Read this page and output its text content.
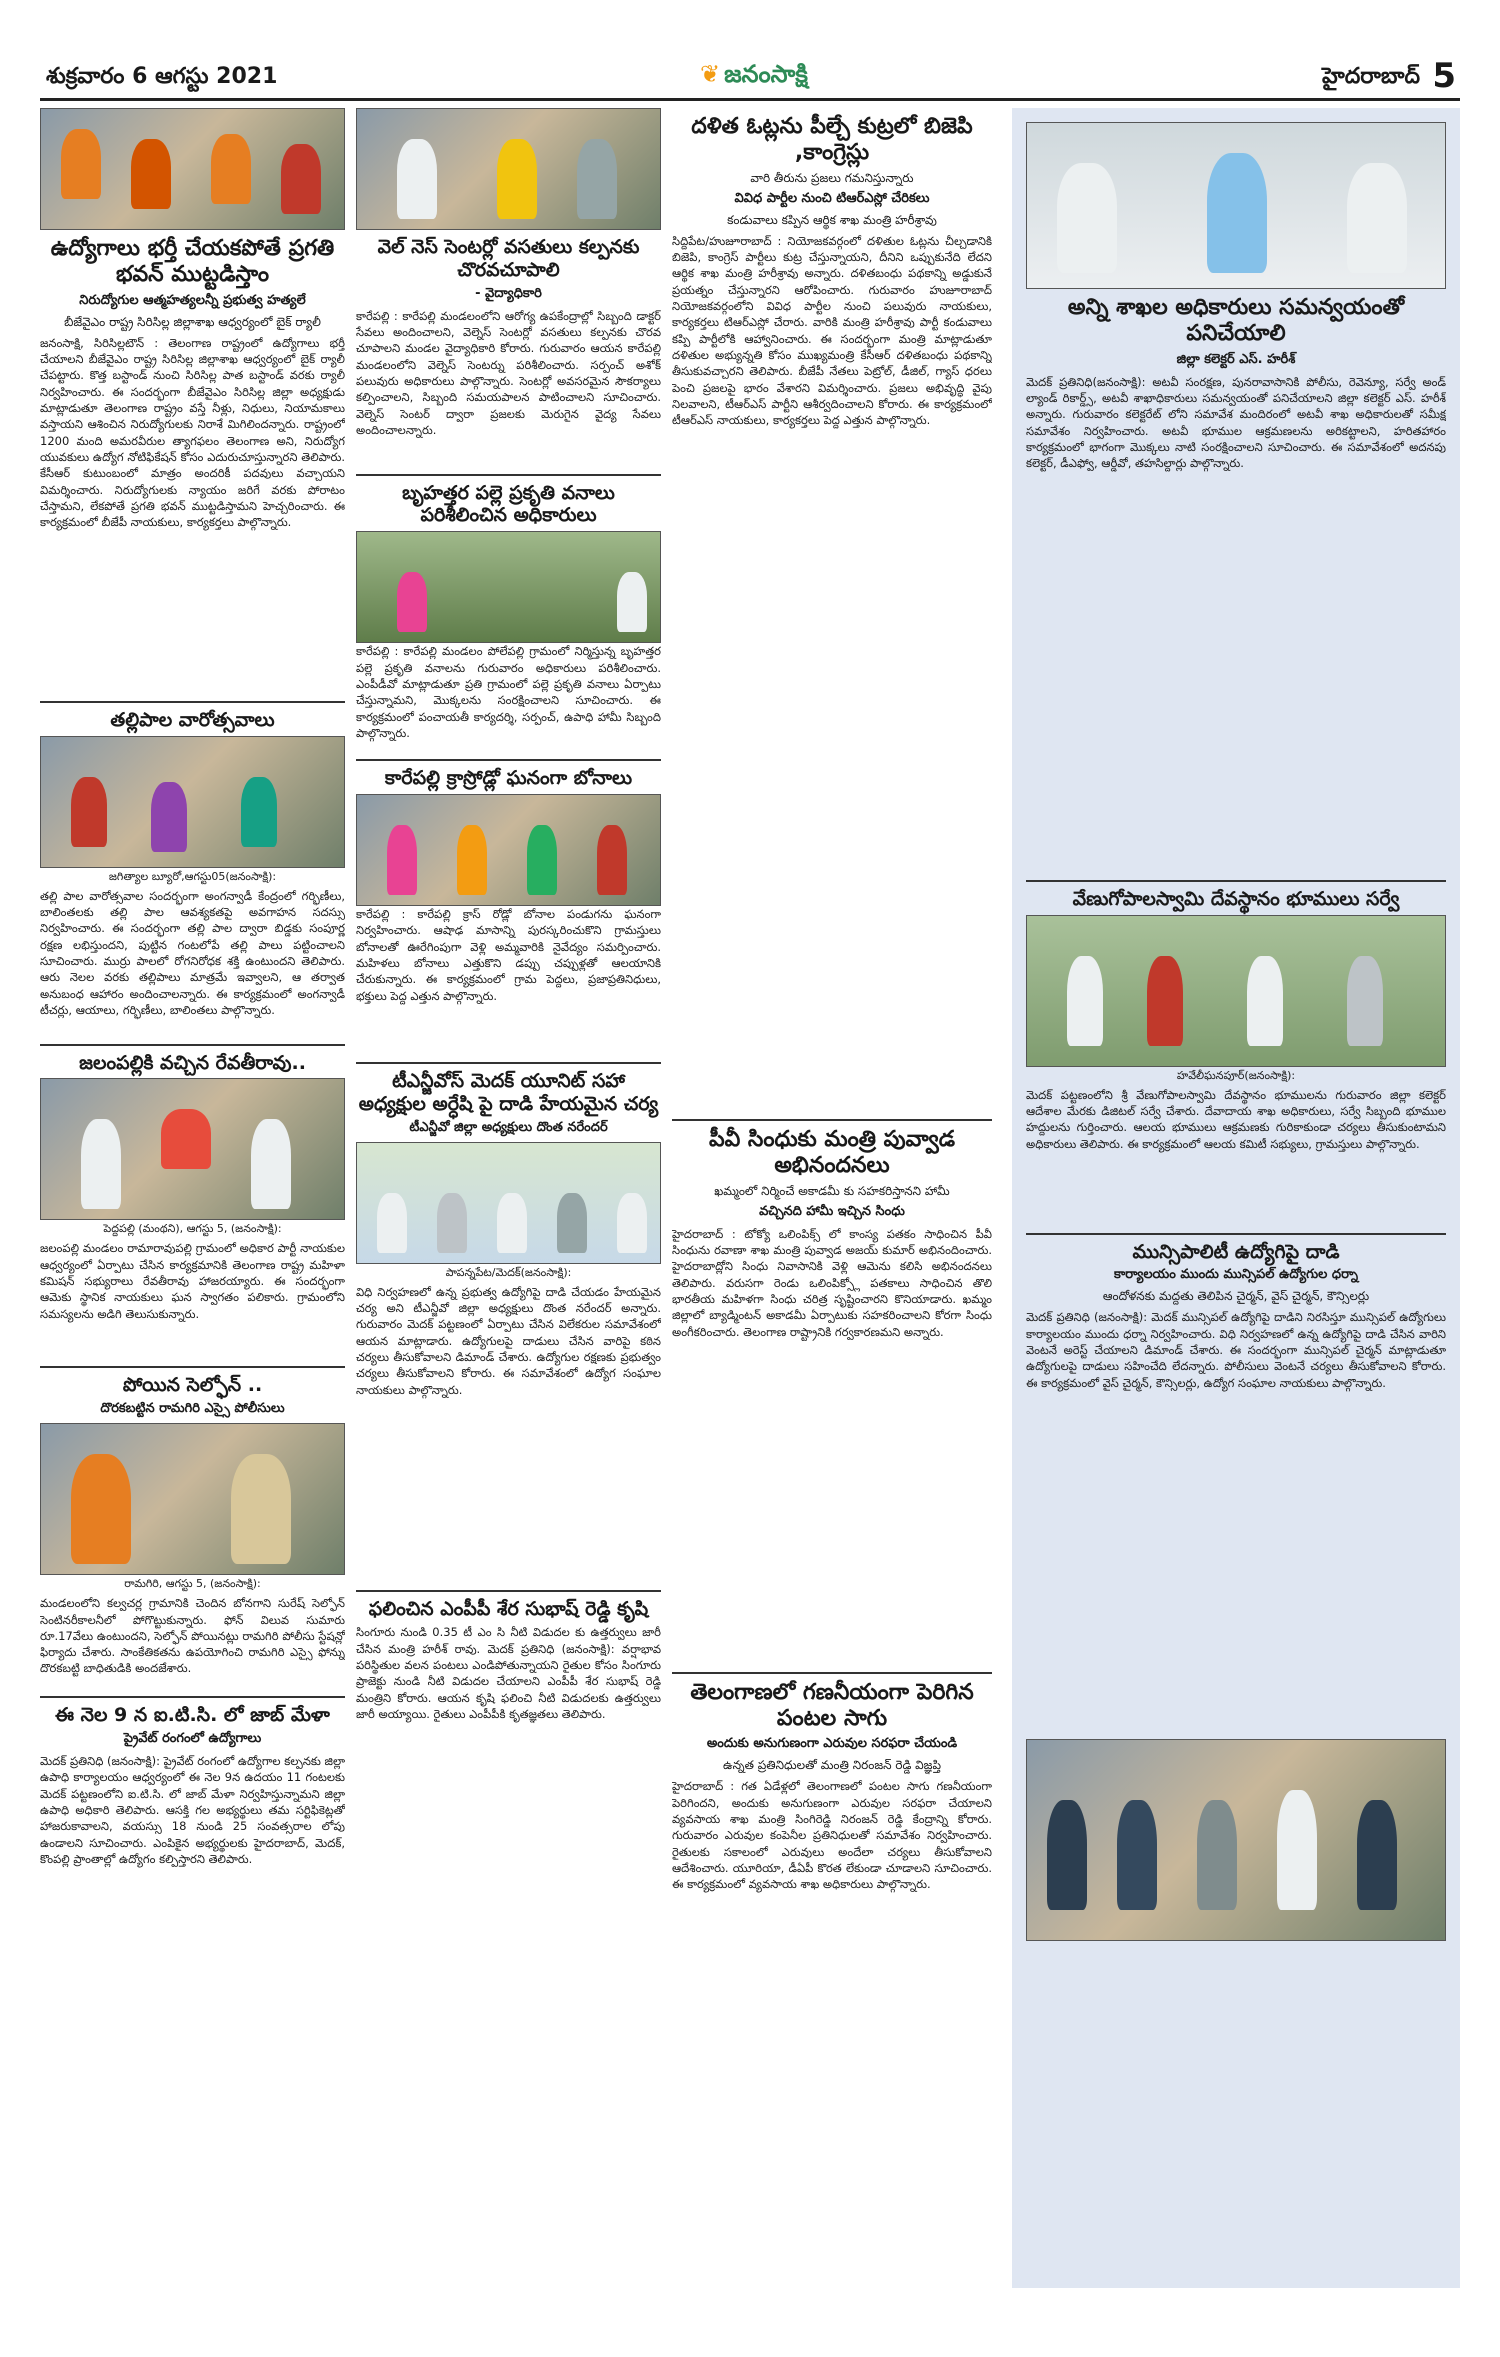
శుక్రవారం 6 ఆగస్టు 2021	❦ జనంసాక్షి	హైదరాబాద్ 5
ఉద్యోగాలు భర్తీ చేయకపోతే ప్రగతి భవన్ ముట్టడిస్తాం
నిరుద్యోగుల ఆత్మహత్యలన్నీ ప్రభుత్వ హత్యలే
బీజేవైఎం రాష్ట్ర సిరిసిల్ల జిల్లాశాఖ ఆధ్వర్యంలో బైక్ ర్యాలీ
జనంసాక్షి, సిరిసిల్లటౌన్ : తెలంగాణ రాష్ట్రంలో ఉద్యోగాలు భర్తీ చేయాలని బీజేవైఎం రాష్ట్ర సిరిసిల్ల జిల్లాశాఖ ఆధ్వర్యంలో బైక్ ర్యాలీ చేపట్టారు. కొత్త బస్టాండ్ నుంచి సిరిసిల్ల పాత బస్టాండ్ వరకు ర్యాలీ నిర్వహించారు. ఈ సందర్భంగా బీజేవైఎం సిరిసిల్ల జిల్లా అధ్యక్షుడు మాట్లాడుతూ తెలంగాణ రాష్ట్రం వస్తే నీళ్లు, నిధులు, నియామకాలు వస్తాయని ఆశించిన నిరుద్యోగులకు నిరాశే మిగిలిందన్నారు. రాష్ట్రంలో 1200 మంది అమరవీరుల త్యాగఫలం తెలంగాణ అని, నిరుద్యోగ యువకులు ఉద్యోగ నోటిఫికేషన్ కోసం ఎదురుచూస్తున్నారని తెలిపారు. కేసీఆర్ కుటుంబంలో మాత్రం అందరికీ పదవులు వచ్చాయని విమర్శించారు. నిరుద్యోగులకు న్యాయం జరిగే వరకు పోరాటం చేస్తామని, లేకపోతే ప్రగతి భవన్ ముట్టడిస్తామని హెచ్చరించారు. ఈ కార్యక్రమంలో బీజేపీ నాయకులు, కార్యకర్తలు పాల్గొన్నారు.
తల్లిపాల వారోత్సవాలు
జగిత్యాల బ్యూరో,ఆగస్టు05(జనంసాక్షి):
తల్లి పాల వారోత్సవాల సందర్భంగా అంగన్వాడీ కేంద్రంలో గర్భిణీలు, బాలింతలకు తల్లి పాల ఆవశ్యకతపై అవగాహన సదస్సు నిర్వహించారు. ఈ సందర్భంగా తల్లి పాల ద్వారా బిడ్డకు సంపూర్ణ రక్షణ లభిస్తుందని, పుట్టిన గంటలోపే తల్లి పాలు పట్టించాలని సూచించారు. ముర్రు పాలలో రోగనిరోధక శక్తి ఉంటుందని తెలిపారు. ఆరు నెలల వరకు తల్లిపాలు మాత్రమే ఇవ్వాలని, ఆ తర్వాత అనుబంధ ఆహారం అందించాలన్నారు. ఈ కార్యక్రమంలో అంగన్వాడీ టీచర్లు, ఆయాలు, గర్భిణీలు, బాలింతలు పాల్గొన్నారు.
జలంపల్లికి వచ్చిన రేవతీరావు..
పెద్దపల్లి (మంథని), ఆగస్టు 5, (జనంసాక్షి):
జలంపల్లి మండలం రామారావుపల్లి గ్రామంలో అధికార పార్టీ నాయకుల ఆధ్వర్యంలో ఏర్పాటు చేసిన కార్యక్రమానికి తెలంగాణ రాష్ట్ర మహిళా కమిషన్ సభ్యురాలు రేవతీరావు హాజరయ్యారు. ఈ సందర్భంగా ఆమెకు స్థానిక నాయకులు ఘన స్వాగతం పలికారు. గ్రామంలోని సమస్యలను అడిగి తెలుసుకున్నారు.
పోయిన సెల్ఫోన్ ..
దొరకబట్టిన రామగిరి ఎస్సై పోలీసులు
రామగిరి, ఆగస్టు 5, (జనంసాక్షి):
మండలంలోని కల్వచర్ల గ్రామానికి చెందిన బోనగాని సురేష్ సెల్ఫోన్ సెంటినరీకాలనీలో పోగొట్టుకున్నారు. ఫోన్ విలువ సుమారు రూ.17వేలు ఉంటుందని, సెల్ఫోన్ పోయినట్లు రామగిరి పోలీసు స్టేషన్లో ఫిర్యాదు చేశారు. సాంకేతికతను ఉపయోగించి రామగిరి ఎస్సై ఫోన్ను దొరకబట్టి బాధితుడికి అందజేశారు.
ఈ నెల 9 న ఐ.టి.సి. లో జాబ్ మేళా
ప్రైవేట్ రంగంలో ఉద్యోగాలు
మెదక్ ప్రతినిధి (జనంసాక్షి): ప్రైవేట్ రంగంలో ఉద్యోగాల కల్పనకు జిల్లా ఉపాధి కార్యాలయం ఆధ్వర్యంలో ఈ నెల 9న ఉదయం 11 గంటలకు మెదక్ పట్టణంలోని ఐ.టి.సి. లో జాబ్ మేళా నిర్వహిస్తున్నామని జిల్లా ఉపాధి అధికారి తెలిపారు. ఆసక్తి గల అభ్యర్థులు తమ సర్టిఫికెట్లతో హాజరుకావాలని, వయస్సు 18 నుండి 25 సంవత్సరాల లోపు ఉండాలని సూచించారు. ఎంపికైన అభ్యర్థులకు హైదరాబాద్, మెదక్, కొంపల్లి ప్రాంతాల్లో ఉద్యోగం కల్పిస్తారని తెలిపారు.
వెల్ నెస్ సెంటర్లో వసతులు కల్పనకు చొరవచూపాలి
- వైద్యాధికారి
కారేపల్లి : కారేపల్లి మండలంలోని ఆరోగ్య ఉపకేంద్రాల్లో సిబ్బంది డాక్టర్ సేవలు అందించాలని, వెల్నెస్ సెంటర్లో వసతులు కల్పనకు చొరవ చూపాలని మండల వైద్యాధికారి కోరారు. గురువారం ఆయన కారేపల్లి మండలంలోని వెల్నెస్ సెంటర్ను పరిశీలించారు. సర్పంచ్ అశోక్ పలువురు అధికారులు పాల్గొన్నారు. సెంటర్లో అవసరమైన సౌకర్యాలు కల్పించాలని, సిబ్బంది సమయపాలన పాటించాలని సూచించారు. వెల్నెస్ సెంటర్ ద్వారా ప్రజలకు మెరుగైన వైద్య సేవలు అందించాలన్నారు.
బృహత్తర పల్లె ప్రకృతి వనాలు పరిశీలించిన అధికారులు
కారేపల్లి : కారేపల్లి మండలం పోలేపల్లి గ్రామంలో నిర్మిస్తున్న బృహత్తర పల్లె ప్రకృతి వనాలను గురువారం అధికారులు పరిశీలించారు. ఎంపీడీవో మాట్లాడుతూ ప్రతి గ్రామంలో పల్లె ప్రకృతి వనాలు ఏర్పాటు చేస్తున్నామని, మొక్కలను సంరక్షించాలని సూచించారు. ఈ కార్యక్రమంలో పంచాయతీ కార్యదర్శి, సర్పంచ్, ఉపాధి హామీ సిబ్బంది పాల్గొన్నారు.
కారేపల్లి క్రాస్రోడ్లో ఘనంగా బోనాలు
కారేపల్లి : కారేపల్లి క్రాస్ రోడ్లో బోనాల పండుగను ఘనంగా నిర్వహించారు. ఆషాఢ మాసాన్ని పురస్కరించుకొని గ్రామస్తులు బోనాలతో ఊరేగింపుగా వెళ్లి అమ్మవారికి నైవేద్యం సమర్పించారు. మహిళలు బోనాలు ఎత్తుకొని డప్పు చప్పుళ్లతో ఆలయానికి చేరుకున్నారు. ఈ కార్యక్రమంలో గ్రామ పెద్దలు, ప్రజాప్రతినిధులు, భక్తులు పెద్ద ఎత్తున పాల్గొన్నారు.
టీఎన్జీవోస్ మెదక్ యూనిట్ సహా అధ్యక్షుల అర్ధేషి పై దాడి హేయమైన చర్య
టీఎన్జీవో జిల్లా అధ్యక్షులు దొంత నరేందర్
పాపన్నపేట/మెదక్(జనంసాక్షి):
విధి నిర్వహణలో ఉన్న ప్రభుత్వ ఉద్యోగిపై దాడి చేయడం హేయమైన చర్య అని టీఎన్జీవో జిల్లా అధ్యక్షులు దొంత నరేందర్ అన్నారు. గురువారం మెదక్ పట్టణంలో ఏర్పాటు చేసిన విలేకరుల సమావేశంలో ఆయన మాట్లాడారు. ఉద్యోగులపై దాడులు చేసిన వారిపై కఠిన చర్యలు తీసుకోవాలని డిమాండ్ చేశారు. ఉద్యోగుల రక్షణకు ప్రభుత్వం చర్యలు తీసుకోవాలని కోరారు. ఈ సమావేశంలో ఉద్యోగ సంఘాల నాయకులు పాల్గొన్నారు.
ఫలించిన ఎంపీపీ శేర సుభాష్ రెడ్డి కృషి
సింగూరు నుండి 0.35 టీ ఎం సి నీటి విడుదల కు ఉత్తర్వులు జారీ చేసిన మంత్రి హరీశ్ రావు. మెదక్ ప్రతినిధి (జనంసాక్షి): వర్షాభావ పరిస్థితుల వలన పంటలు ఎండిపోతున్నాయని రైతుల కోసం సింగూరు ప్రాజెక్టు నుండి నీటి విడుదల చేయాలని ఎంపీపీ శేర సుభాష్ రెడ్డి మంత్రిని కోరారు. ఆయన కృషి ఫలించి నీటి విడుదలకు ఉత్తర్వులు జారీ అయ్యాయి. రైతులు ఎంపీపీకి కృతజ్ఞతలు తెలిపారు.
దళిత ఓట్లను పీల్చే కుట్రలో బిజెపి ,కాంగ్రెస్లు
వారి తీరును ప్రజలు గమనిస్తున్నారు
వివిధ పార్టీల నుంచి టిఆర్ఎస్లో చేరికలు
కండువాలు కప్పిన ఆర్థిక శాఖ మంత్రి హరీశ్రావు
సిద్దిపేట/హుజూరాబాద్ : నియోజకవర్గంలో దళితుల ఓట్లను చీల్చడానికి బిజెపి, కాంగ్రెస్ పార్టీలు కుట్ర చేస్తున్నాయని, దీనిని ఒప్పుకునేది లేదని ఆర్థిక శాఖ మంత్రి హరీశ్రావు అన్నారు. దళితబంధు పథకాన్ని అడ్డుకునే ప్రయత్నం చేస్తున్నారని ఆరోపించారు. గురువారం హుజూరాబాద్ నియోజకవర్గంలోని వివిధ పార్టీల నుంచి పలువురు నాయకులు, కార్యకర్తలు టిఆర్ఎస్లో చేరారు. వారికి మంత్రి హరీశ్రావు పార్టీ కండువాలు కప్పి పార్టీలోకి ఆహ్వానించారు. ఈ సందర్భంగా మంత్రి మాట్లాడుతూ దళితుల అభ్యున్నతి కోసం ముఖ్యమంత్రి కేసీఆర్ దళితబంధు పథకాన్ని తీసుకువచ్చారని తెలిపారు. బీజేపీ నేతలు పెట్రోల్, డీజిల్, గ్యాస్ ధరలు పెంచి ప్రజలపై భారం వేశారని విమర్శించారు. ప్రజలు అభివృద్ధి వైపు నిలవాలని, టీఆర్ఎస్ పార్టీని ఆశీర్వదించాలని కోరారు. ఈ కార్యక్రమంలో టీఆర్ఎస్ నాయకులు, కార్యకర్తలు పెద్ద ఎత్తున పాల్గొన్నారు.
పీవీ సింధుకు మంత్రి పువ్వాడ అభినందనలు
ఖమ్మంలో నిర్మించే అకాడమీ కు సహకరిస్తానని హామీ
వచ్చినది హామీ ఇచ్చిన సింధు
హైదరాబాద్ : టోక్యో ఒలింపిక్స్ లో కాంస్య పతకం సాధించిన పీవీ సింధును రవాణా శాఖ మంత్రి పువ్వాడ అజయ్ కుమార్ అభినందించారు. హైదరాబాద్లోని సింధు నివాసానికి వెళ్లి ఆమెను కలిసి అభినందనలు తెలిపారు. వరుసగా రెండు ఒలింపిక్స్లో పతకాలు సాధించిన తొలి భారతీయ మహిళగా సింధు చరిత్ర సృష్టించారని కొనియాడారు. ఖమ్మం జిల్లాలో బ్యాడ్మింటన్ అకాడమీ ఏర్పాటుకు సహకరించాలని కోరగా సింధు అంగీకరించారు. తెలంగాణ రాష్ట్రానికి గర్వకారణమని అన్నారు.
తెలంగాణలో గణనీయంగా పెరిగిన పంటల సాగు
అందుకు అనుగుణంగా ఎరువుల సరఫరా చేయండి
ఉన్నత ప్రతినిధులతో మంత్రి నిరంజన్ రెడ్డి విజ్ఞప్తి
హైదరాబాద్ : గత ఏడేళ్లలో తెలంగాణలో పంటల సాగు గణనీయంగా పెరిగిందని, అందుకు అనుగుణంగా ఎరువుల సరఫరా చేయాలని వ్యవసాయ శాఖ మంత్రి సింగిరెడ్డి నిరంజన్ రెడ్డి కేంద్రాన్ని కోరారు. గురువారం ఎరువుల కంపెనీల ప్రతినిధులతో సమావేశం నిర్వహించారు. రైతులకు సకాలంలో ఎరువులు అందేలా చర్యలు తీసుకోవాలని ఆదేశించారు. యూరియా, డీఏపీ కొరత లేకుండా చూడాలని సూచించారు. ఈ కార్యక్రమంలో వ్యవసాయ శాఖ అధికారులు పాల్గొన్నారు.
అన్ని శాఖల అధికారులు సమన్వయంతో పనిచేయాలి
జిల్లా కలెక్టర్ ఎస్. హరీశ్
మెదక్ ప్రతినిధి(జనంసాక్షి): అటవీ సంరక్షణ, పునరావాసానికి పోలీసు, రెవెన్యూ, సర్వే అండ్ ల్యాండ్ రికార్డ్స్, అటవీ శాఖాధికారులు సమన్వయంతో పనిచేయాలని జిల్లా కలెక్టర్ ఎస్. హరీశ్ అన్నారు. గురువారం కలెక్టరేట్ లోని సమావేశ మందిరంలో అటవీ శాఖ అధికారులతో సమీక్ష సమావేశం నిర్వహించారు. అటవీ భూముల ఆక్రమణలను అరికట్టాలని, హరితహారం కార్యక్రమంలో భాగంగా మొక్కలు నాటి సంరక్షించాలని సూచించారు. ఈ సమావేశంలో అదనపు కలెక్టర్, డీఎఫ్వో, ఆర్డీవో, తహసిల్దార్లు పాల్గొన్నారు.
వేణుగోపాలస్వామి దేవస్థానం భూములు సర్వే
హవేలీఘనపూర్(జనంసాక్షి):
మెదక్ పట్టణంలోని శ్రీ వేణుగోపాలస్వామి దేవస్థానం భూములను గురువారం జిల్లా కలెక్టర్ ఆదేశాల మేరకు డిజిటల్ సర్వే చేశారు. దేవాదాయ శాఖ అధికారులు, సర్వే సిబ్బంది భూముల హద్దులను గుర్తించారు. ఆలయ భూములు ఆక్రమణకు గురికాకుండా చర్యలు తీసుకుంటామని అధికారులు తెలిపారు. ఈ కార్యక్రమంలో ఆలయ కమిటీ సభ్యులు, గ్రామస్తులు పాల్గొన్నారు.
మున్సిపాలిటీ ఉద్యోగిపై దాడి
కార్యాలయం ముందు మున్సిపల్ ఉద్యోగుల ధర్నా
ఆందోళనకు మద్దతు తెలిపిన చైర్మన్, వైస్ చైర్మన్, కౌన్సిలర్లు
మెదక్ ప్రతినిధి (జనంసాక్షి): మెదక్ మున్సిపల్ ఉద్యోగిపై దాడిని నిరసిస్తూ మున్సిపల్ ఉద్యోగులు కార్యాలయం ముందు ధర్నా నిర్వహించారు. విధి నిర్వహణలో ఉన్న ఉద్యోగిపై దాడి చేసిన వారిని వెంటనే అరెస్ట్ చేయాలని డిమాండ్ చేశారు. ఈ సందర్భంగా మున్సిపల్ చైర్మన్ మాట్లాడుతూ ఉద్యోగులపై దాడులు సహించేది లేదన్నారు. పోలీసులు వెంటనే చర్యలు తీసుకోవాలని కోరారు. ఈ కార్యక్రమంలో వైస్ చైర్మన్, కౌన్సిలర్లు, ఉద్యోగ సంఘాల నాయకులు పాల్గొన్నారు.
